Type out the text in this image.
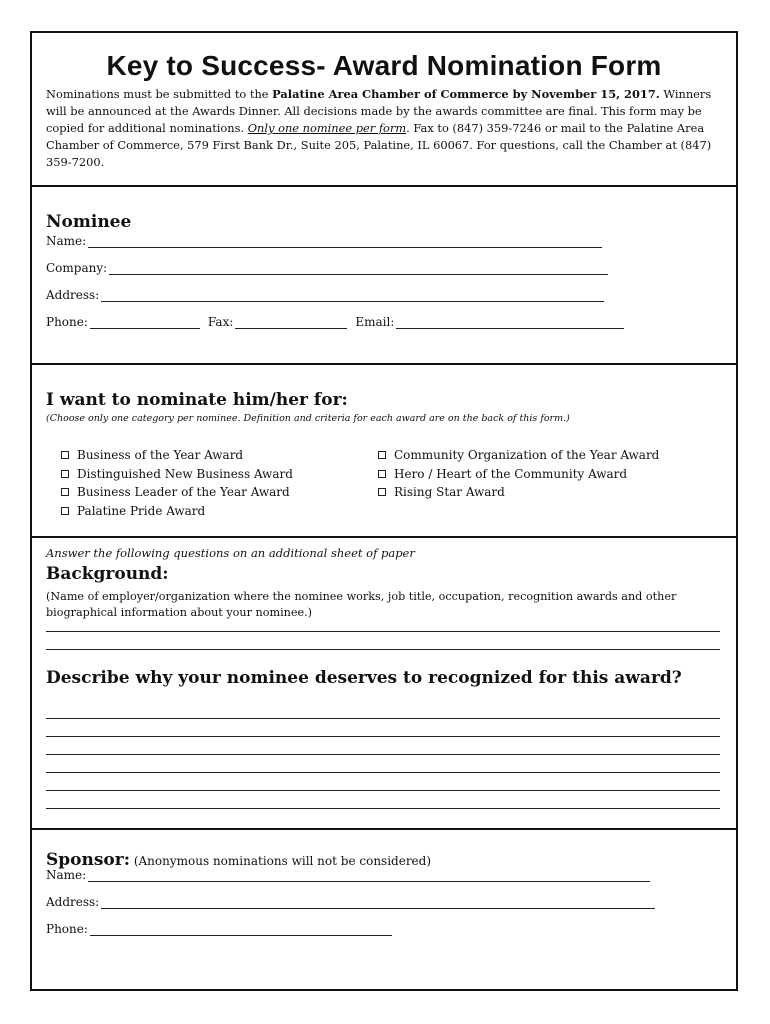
Key to Success- Award Nomination Form
Nominations must be submitted to the Palatine Area Chamber of Commerce by November 15, 2017. Winners will be announced at the Awards Dinner. All decisions made by the awards committee are final. This form may be copied for additional nominations. Only one nominee per form. Fax to (847) 359-7246 or mail to the Palatine Area Chamber of Commerce, 579 First Bank Dr., Suite 205, Palatine, IL 60067. For questions, call the Chamber at (847) 359-7200.
Nominee
Name:
Company:
Address:
Phone:	Fax:	Email:
I want to nominate him/her for:
(Choose only one category per nominee. Definition and criteria for each award are on the back of this form.)
Business of the Year Award
Distinguished New Business Award
Business Leader of the Year Award
Palatine Pride Award
Community Organization of the Year Award
Hero / Heart of the Community Award
Rising Star Award
Answer the following questions on an additional sheet of paper
Background:
(Name of employer/organization where the nominee works, job title, occupation, recognition awards and other biographical information about your nominee.)
Describe why your nominee deserves to recognized for this award?
Sponsor: (Anonymous nominations will not be considered)
Name:
Address:
Phone:
